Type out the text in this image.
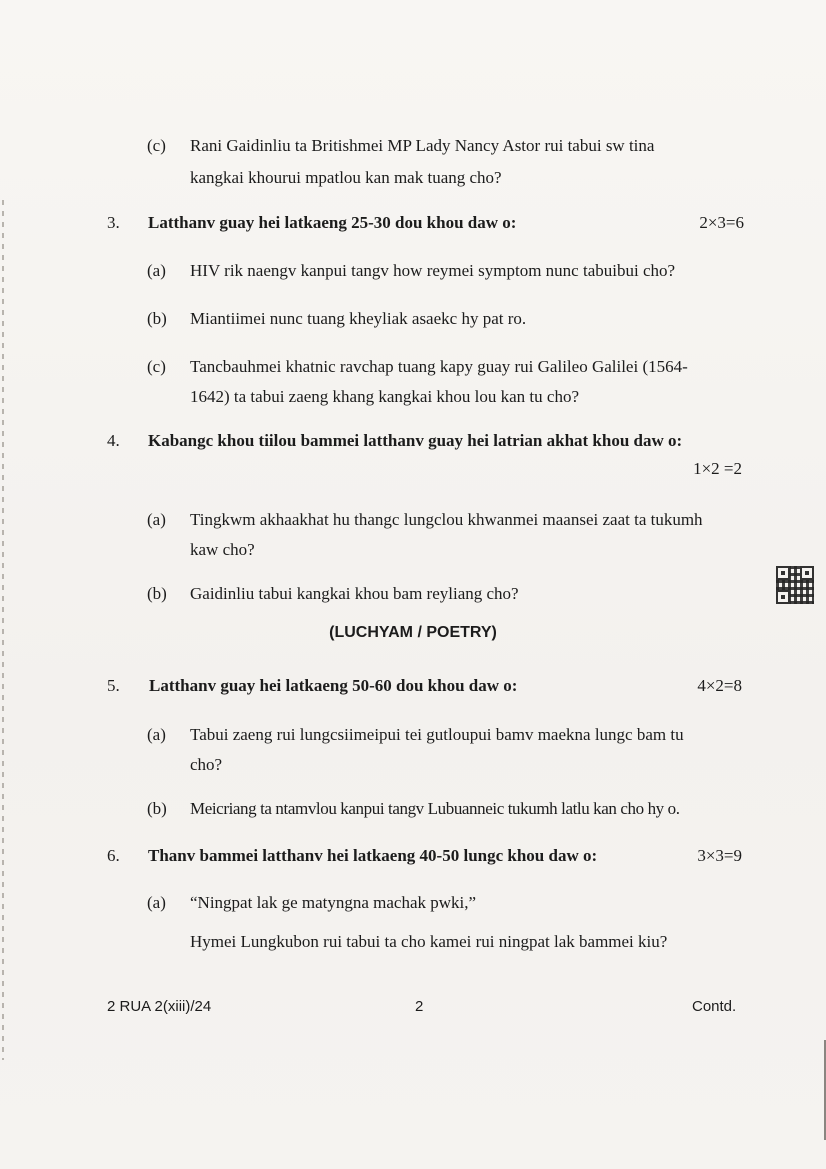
(c) Rani Gaidinliu ta Britishmei MP Lady Nancy Astor rui tabui sw tina
kangkai khourui mpatlou kan mak tuang cho?
3. Latthanv guay hei latkaeng 25-30 dou khou daw o:	2×3=6
(a) HIV rik naengv kanpui tangv how reymei symptom nunc tabuibui cho?
(b) Miantiimei nunc tuang kheyliak asaekc hy pat ro.
(c) Tancbauhmei khatnic ravchap tuang kapy guay rui Galileo Galilei (1564-
1642) ta tabui zaeng khang kangkai khou lou kan tu cho?
4. Kabangc khou tiilou bammei latthanv guay hei latrian akhat khou daw o:
1×2 =2
(a) Tingkwm akhaakhat hu thangc lungclou khwanmei maansei zaat ta tukumh
kaw cho?
(b) Gaidinliu tabui kangkai khou bam reyliang cho?
(LUCHYAM / POETRY)
5. Latthanv guay hei latkaeng 50-60 dou khou daw o:	4×2=8
(a) Tabui zaeng rui lungcsiimeipui tei gutloupui bamv maekna lungc bam tu
cho?
(b) Meicriang ta ntamvlou kanpui tangv Lubuanneic tukumh latlu kan cho hy o.
6. Thanv bammei latthanv hei latkaeng 40-50 lungc khou daw o:	3×3=9
(a) “Ningpat lak ge matyngna machak pwki,”
Hymei Lungkubon rui tabui ta cho kamei rui ningpat lak bammei kiu?
2 RUA 2(xiii)/24	2	Contd.
